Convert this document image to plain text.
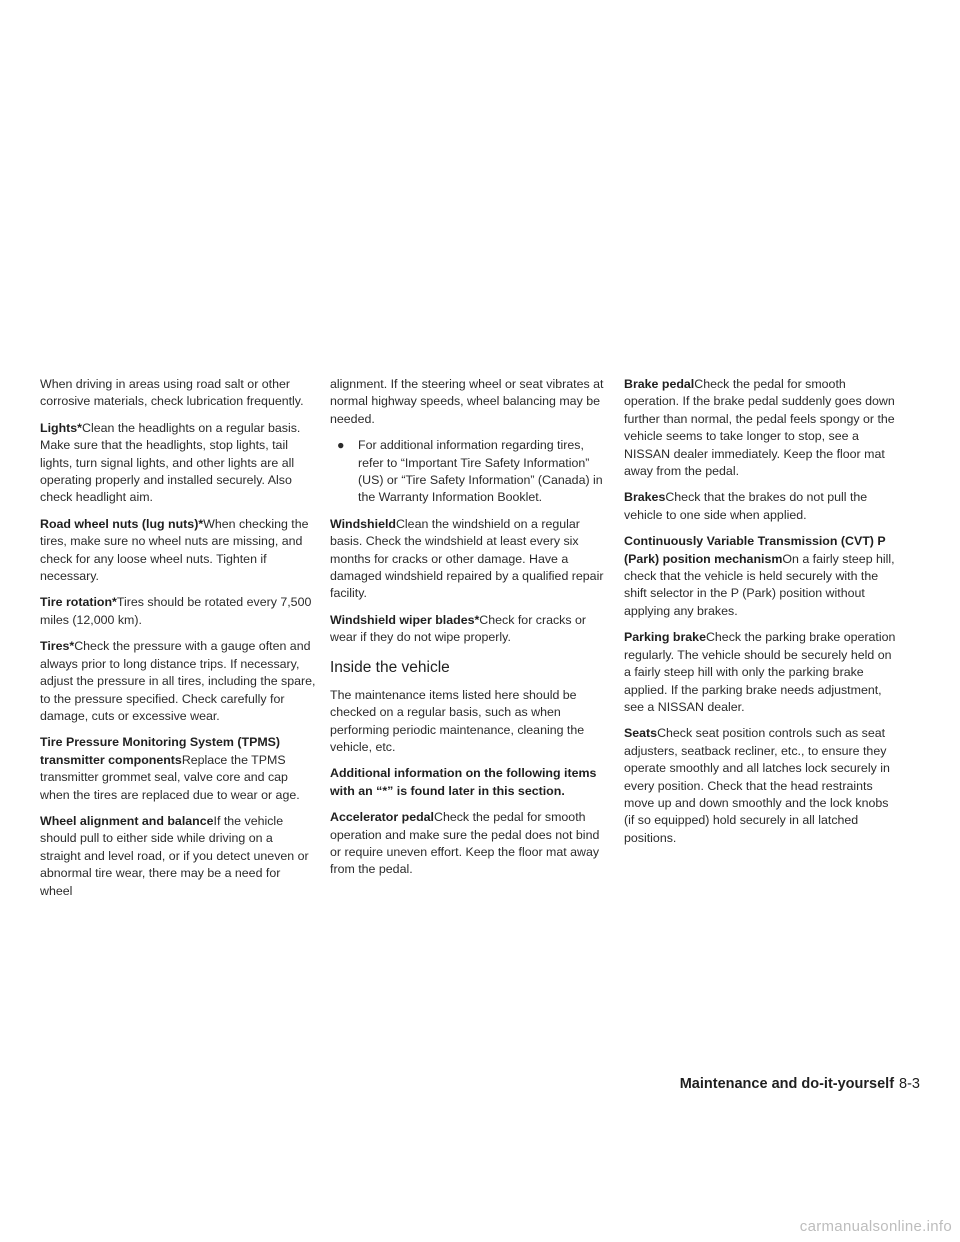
When driving in areas using road salt or other corrosive materials, check lubrication frequently.

Lights*Clean the headlights on a regular basis. Make sure that the headlights, stop lights, tail lights, turn signal lights, and other lights are all operating properly and installed securely. Also check headlight aim.

Road wheel nuts (lug nuts)*When checking the tires, make sure no wheel nuts are missing, and check for any loose wheel nuts. Tighten if necessary.

Tire rotation*Tires should be rotated every 7,500 miles (12,000 km).

Tires*Check the pressure with a gauge often and always prior to long distance trips. If necessary, adjust the pressure in all tires, including the spare, to the pressure specified. Check carefully for damage, cuts or excessive wear.

Tire Pressure Monitoring System (TPMS) transmitter componentsReplace the TPMS transmitter grommet seal, valve core and cap when the tires are replaced due to wear or age.

Wheel alignment and balanceIf the vehicle should pull to either side while driving on a straight and level road, or if you detect uneven or abnormal tire wear, there may be a need for wheel

alignment. If the steering wheel or seat vibrates at normal highway speeds, wheel balancing may be needed.

● For additional information regarding tires, refer to “Important Tire Safety Information” (US) or “Tire Safety Information” (Canada) in the Warranty Information Booklet.

WindshieldClean the windshield on a regular basis. Check the windshield at least every six months for cracks or other damage. Have a damaged windshield repaired by a qualified repair facility.

Windshield wiper blades*Check for cracks or wear if they do not wipe properly.

Inside the vehicle

The maintenance items listed here should be checked on a regular basis, such as when performing periodic maintenance, cleaning the vehicle, etc.

Additional information on the following items with an “*” is found later in this section.

Accelerator pedalCheck the pedal for smooth operation and make sure the pedal does not bind or require uneven effort. Keep the floor mat away from the pedal.

Brake pedalCheck the pedal for smooth operation. If the brake pedal suddenly goes down further than normal, the pedal feels spongy or the vehicle seems to take longer to stop, see a NISSAN dealer immediately. Keep the floor mat away from the pedal.

BrakesCheck that the brakes do not pull the vehicle to one side when applied.

Continuously Variable Transmission (CVT) P (Park) position mechanismOn a fairly steep hill, check that the vehicle is held securely with the shift selector in the P (Park) position without applying any brakes.

Parking brakeCheck the parking brake operation regularly. The vehicle should be securely held on a fairly steep hill with only the parking brake applied. If the parking brake needs adjustment, see a NISSAN dealer.

SeatsCheck seat position controls such as seat adjusters, seatback recliner, etc., to ensure they operate smoothly and all latches lock securely in every position. Check that the head restraints move up and down smoothly and the lock knobs (if so equipped) hold securely in all latched positions.

Maintenance and do-it-yourself 8-3
carmanualsonline.info
